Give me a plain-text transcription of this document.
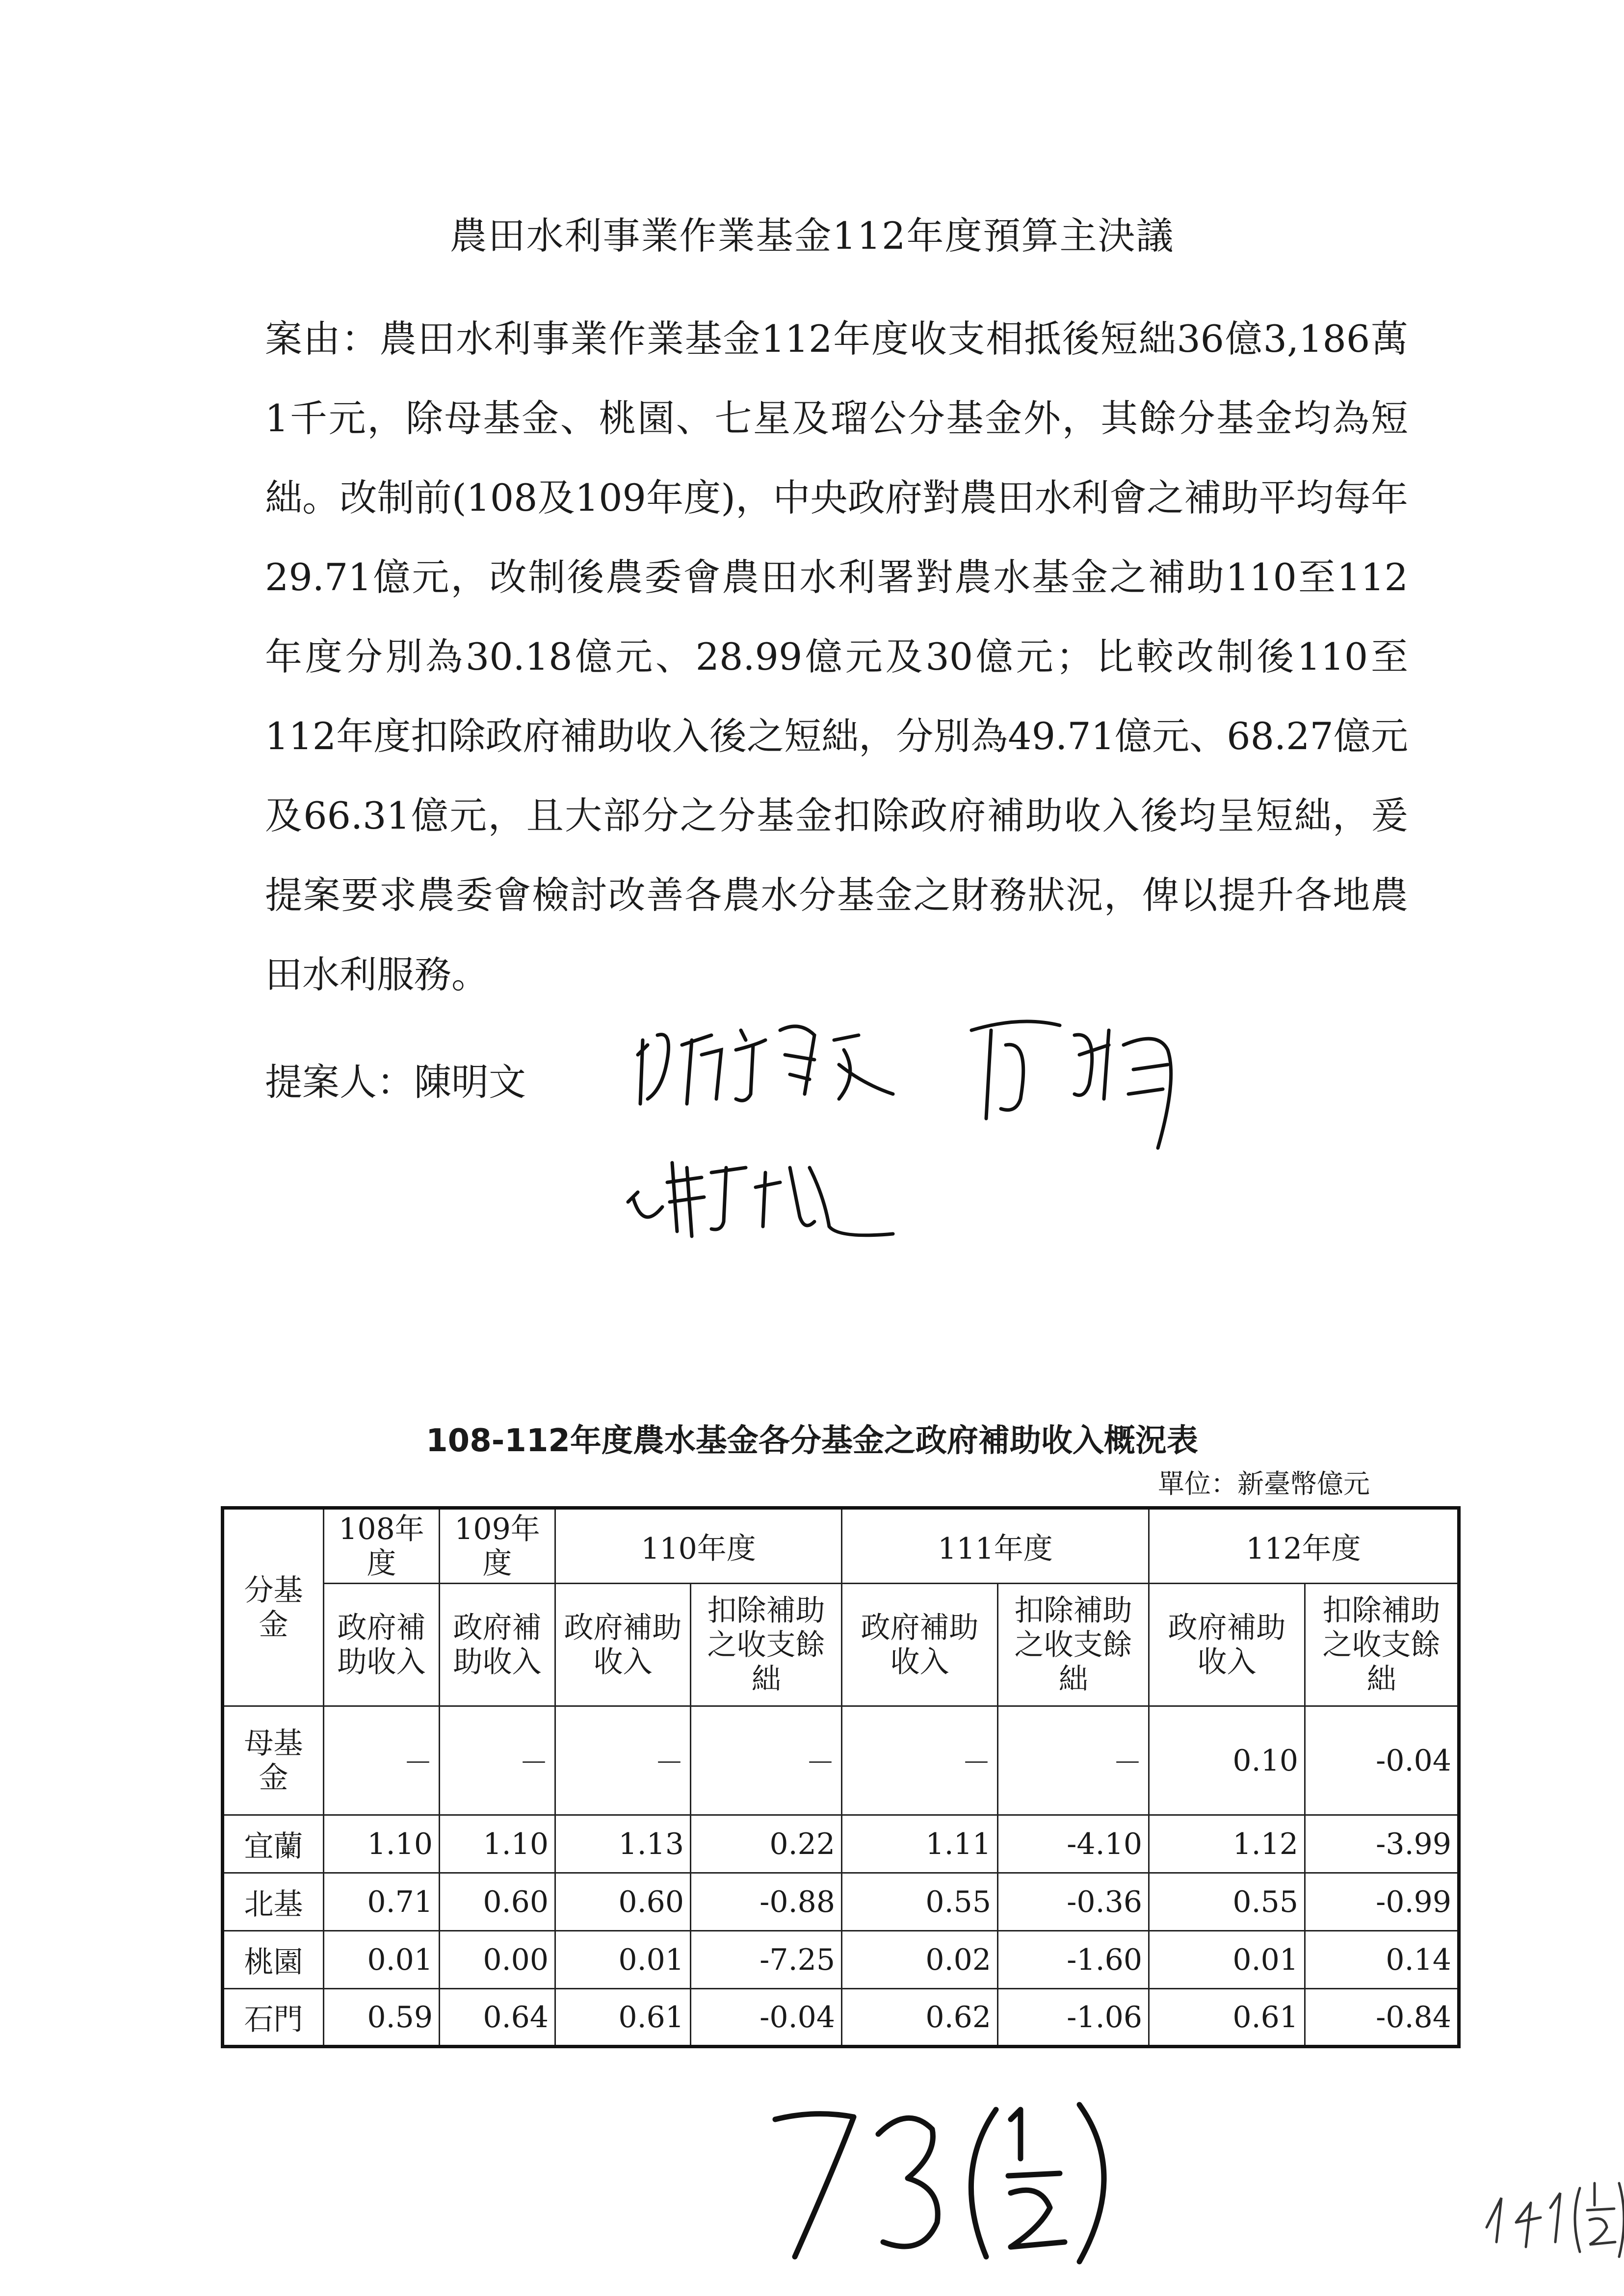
農田水利事業作業基金112年度預算主決議
案由：農田水利事業作業基金112年度收支相抵後短絀36億3,186萬1千元，除母基金、桃園、七星及瑠公分基金外，其餘分基金均為短絀。改制前(108及109年度)，中央政府對農田水利會之補助平均每年29.71億元，改制後農委會農田水利署對農水基金之補助110至112年度分別為30.18億元、28.99億元及30億元；比較改制後110至112年度扣除政府補助收入後之短絀，分別為49.71億元、68.27億元及66.31億元，且大部分之分基金扣除政府補助收入後均呈短絀，爰提案要求農委會檢討改善各農水分基金之財務狀況，俾以提升各地農田水利服務。
提案人：陳明文
108-112年度農水基金各分基金之政府補助收入概況表
單位：新臺幣億元
分基金	108年度	109年度	110年度		111年度		112年度	
	政府補助收入	政府補助收入	政府補助收入	扣除補助之收支餘絀	政府補助收入	扣除補助之收支餘絀	政府補助收入	扣除補助之收支餘絀
母基金	－	－	－	－	－	－	0.10	-0.04
宜蘭	1.10	1.10	1.13	0.22	1.11	-4.10	1.12	-3.99
北基	0.71	0.60	0.60	-0.88	0.55	-0.36	0.55	-0.99
桃園	0.01	0.00	0.01	-7.25	0.02	-1.60	0.01	0.14
石門	0.59	0.64	0.61	-0.04	0.62	-1.06	0.61	-0.84
